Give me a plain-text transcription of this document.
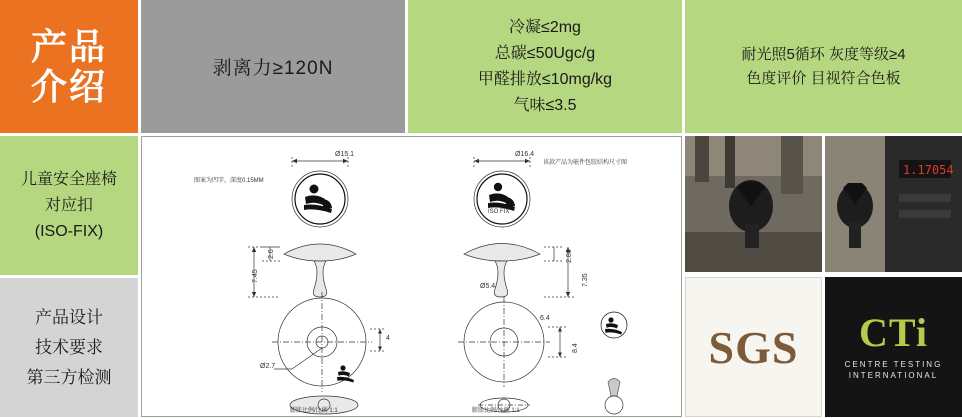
产品
介绍	剥离力≥120N
冷凝≤2mg
总碳≤50Ugc/g
甲醛排放≤10mg/kg
气味≤3.5
耐光照5循环 灰度等级≥4
色度评价 目视符合色板
儿童安全座椅
对应扣
(ISO-FIX)
产品设计
技术要求
第三方检测
Ø15.1	Ø16.4
图案为凹字，深度0.15MM
该款产品为嵌件包胶结构尺寸图
2.6
7.45
2.86
7.35
Ø2.7
4
Ø5.4
8.4
6.4
膨胀比例/比例 1:1	膨胀比例/比例 1:1
ISO FIX
1.17054
SGS CTi
CENTRE TESTING
INTERNATIONAL
